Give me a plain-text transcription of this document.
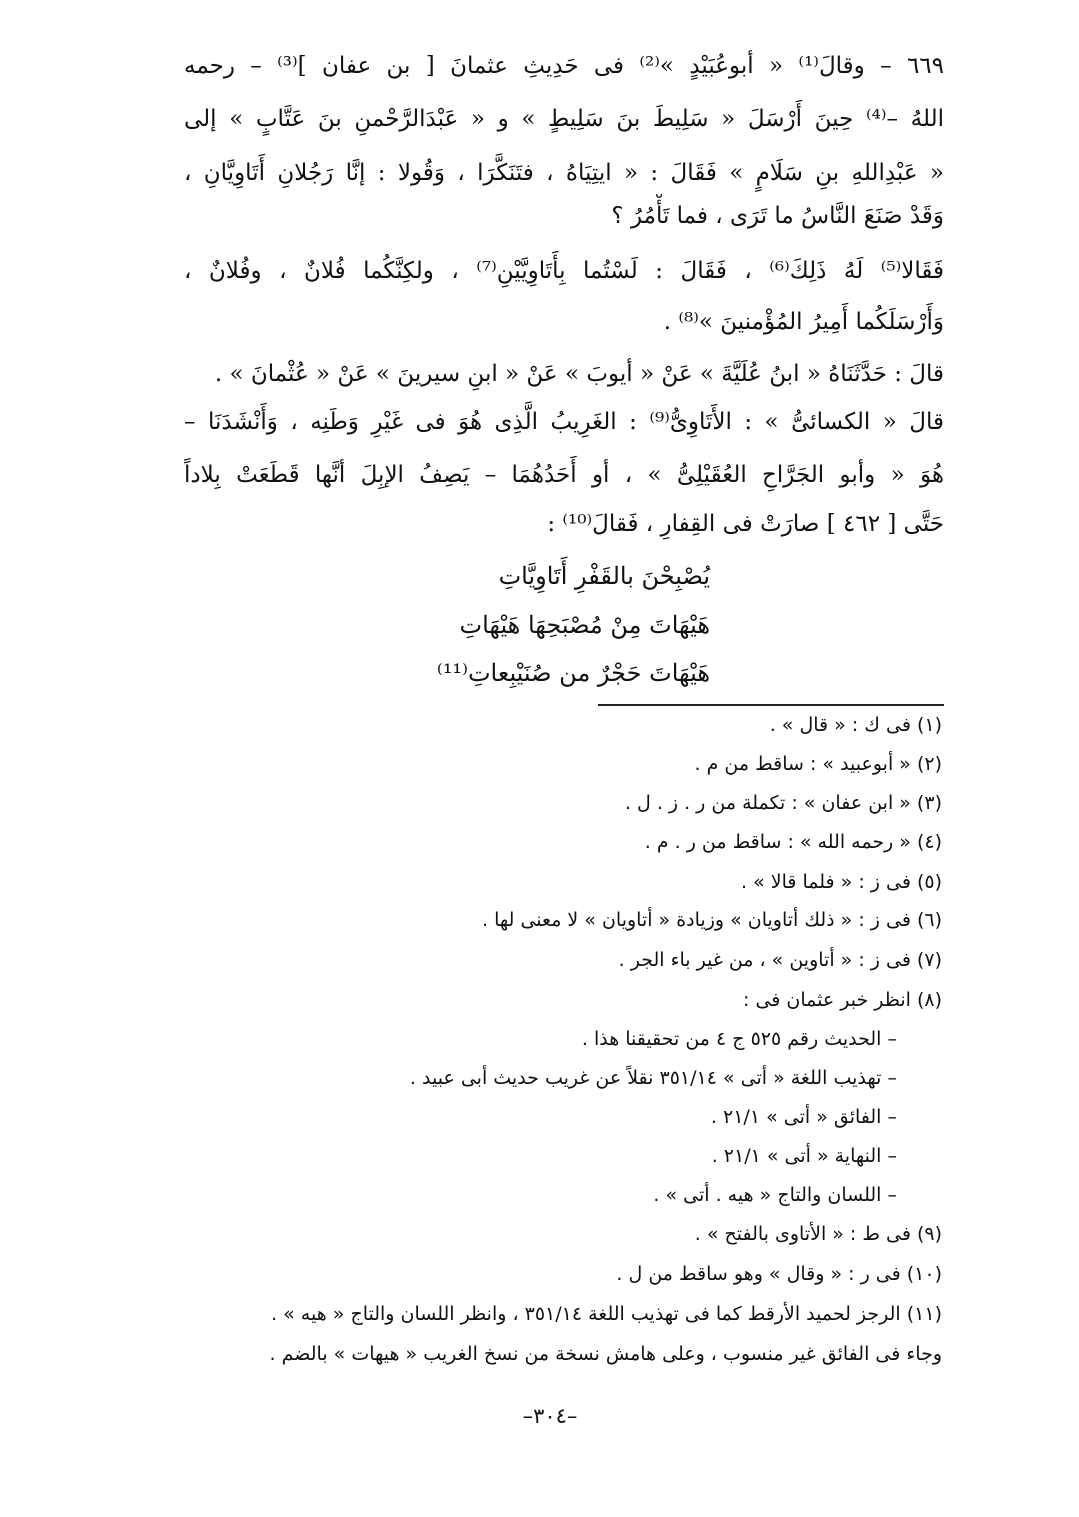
٦٦٩ – وقالَ⁽¹⁾ « أبوعُبَيْدٍ »⁽²⁾ فى حَدِيثِ عثمانَ [ بن عفان ]⁽³⁾ – رحمه
اللهُ –⁽⁴⁾ حِينَ أَرْسَلَ « سَلِيطَ بنَ سَلِيطٍ » و « عَبْدَالرَّحْمنِ بنَ عَتَّابٍ » إلى
« عَبْدِاللهِ بنِ سَلَامٍ » فَقَالَ : « ايتِيَاهُ ، فتَنَكَّرَا ، وَقُولا : إنَّا رَجُلانِ أَتَاوِيَّانِ ،
وَقَدْ صَنَعَ النَّاسُ ما تَرَى ، فما تَأْمُرُ ؟
فَقَالا⁽⁵⁾ لَهُ ذَلِكَ⁽⁶⁾ ، فَقَالَ : لَسْتُما بِأَتَاوِيَّيْنِ⁽⁷⁾ ، ولكِنَّكُما فُلانٌ ، وفُلانٌ ،
وَأَرْسَلَكُما أَمِيرُ المُؤْمنينَ »⁽⁸⁾ .
قالَ : حَدَّثَنَاهُ « ابنُ عُلَيَّةَ » عَنْ « أيوبَ » عَنْ « ابنِ سيرينَ » عَنْ « عُثْمانَ » .
قالَ « الكسائىُّ » : الأَتَاوِىُّ⁽⁹⁾ : الغَرِيبُ الَّذِى هُوَ فى غَيْرِ وَطَنِه ، وَأَنْشَدَنَا –
هُوَ « وأبو الجَرَّاحِ العُقَيْلِىُّ » ، أو أَحَدُهُمَا – يَصِفُ الإبِلَ أنَّها قَطَعَتْ بِلاداً
حَتَّى [ ٤٦٢ ] صارَتْ فى القِفارِ ، فَقالَ⁽¹⁰⁾ :
يُصْبِحْنَ بالقَفْرِ أَتَاوِيَّاتِ
هَيْهَاتَ مِنْ مُصْبَحِهَا هَيْهَاتِ
هَيْهَاتَ حَجْرٌ من صُنَيْبِعاتِ⁽¹¹⁾
(١) فى ك : « قال » .
(٢) « أبوعبيد » : ساقط من م .
(٣) « ابن عفان » : تكملة من ر . ز . ل .
(٤) « رحمه الله » : ساقط من ر . م .
(٥) فى ز : « فلما قالا » .
(٦) فى ز : « ذلك أتاويان » وزيادة « أتاويان » لا معنى لها .
(٧) فى ز : « أتاوين » ، من غير باء الجر .
(٨) انظر خبر عثمان فى :
– الحديث رقم ٥٢٥ ج ٤ من تحقيقنا هذا .
– تهذيب اللغة « أتى » ٣٥١/١٤ نقلاً عن غريب حديث أبى عبيد .
– الفائق « أتى » ٢١/١ .
– النهاية « أتى » ٢١/١ .
– اللسان والتاج « هيه . أتى » .
(٩) فى ط : « الأتاوى بالفتح » .
(١٠) فى ر : « وقال » وهو ساقط من ل .
(١١) الرجز لحميد الأرقط كما فى تهذيب اللغة ٣٥١/١٤ ، وانظر اللسان والتاج « هيه » .
وجاء فى الفائق غير منسوب ، وعلى هامش نسخة من نسخ الغريب « هيهات » بالضم .
–٣٠٤–
